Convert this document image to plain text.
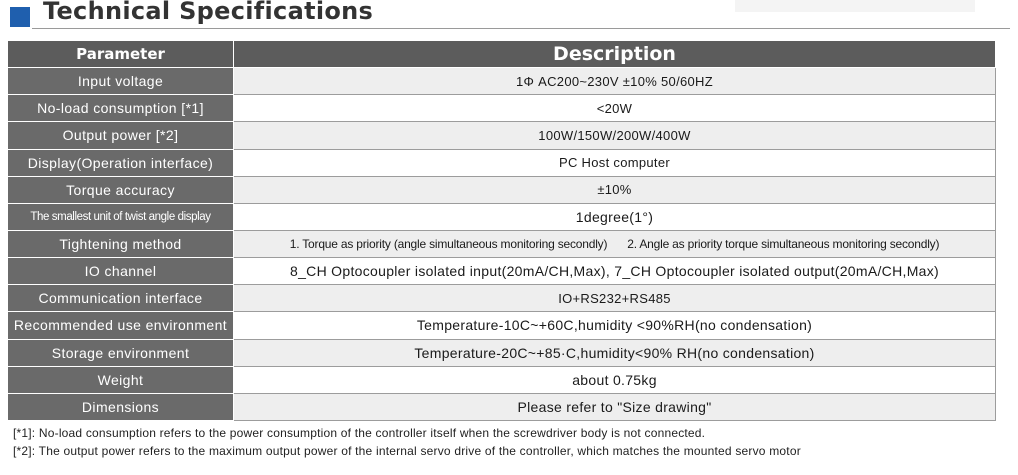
Technical Specifications
Parameter	Description
Input voltage	1Φ AC200~230V ±10% 50/60HZ
No-load consumption [*1]	<20W
Output power [*2]	100W/150W/200W/400W
Display(Operation interface)	PC Host computer
Torque accuracy	±10%
The smallest unit of twist angle display	1degree(1°)
Tightening method	1. Torque as priority (angle simultaneous monitoring secondly) 2. Angle as priority torque simultaneous monitoring secondly)
IO channel	8_CH Optocoupler isolated input(20mA/CH,Max), 7_CH Optocoupler isolated output(20mA/CH,Max)
Communication interface	IO+RS232+RS485
Recommended use environment	Temperature-10C~+60C,humidity <90%RH(no condensation)
Storage environment	Temperature-20C~+85·C,humidity<90% RH(no condensation)
Weight	about 0.75kg
Dimensions	Please refer to "Size drawing"
[*1]: No-load consumption refers to the power consumption of the controller itself when the screwdriver body is not connected.
[*2]: The output power refers to the maximum output power of the internal servo drive of the controller, which matches the mounted servo motor
